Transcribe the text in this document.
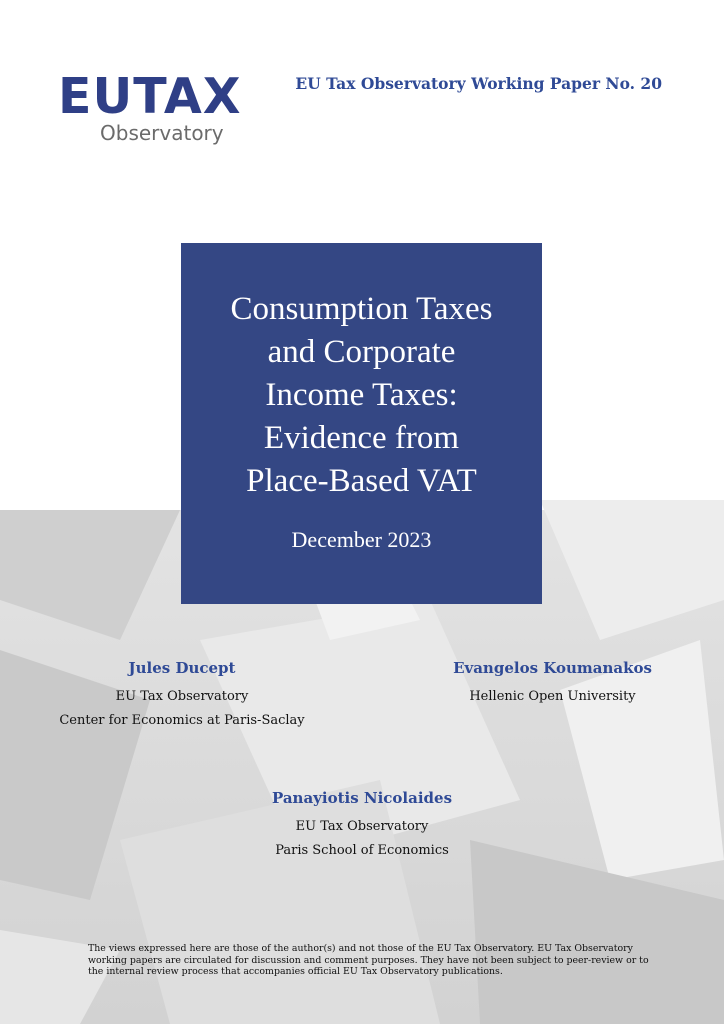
EUTAX
Observatory
EU Tax Observatory Working Paper No. 20
Consumption Taxes
and Corporate
Income Taxes:
Evidence from
Place-Based VAT
December 2023
Jules Ducept
EU Tax Observatory
Center for Economics at Paris-Saclay
Evangelos Koumanakos
Hellenic Open University
Panayiotis Nicolaides
EU Tax Observatory
Paris School of Economics
The views expressed here are those of the author(s) and not those of the EU Tax Observatory. EU Tax Observatory working papers are circulated for discussion and comment purposes. They have not been subject to peer-review or to the internal review process that accompanies official EU Tax Observatory publications.
